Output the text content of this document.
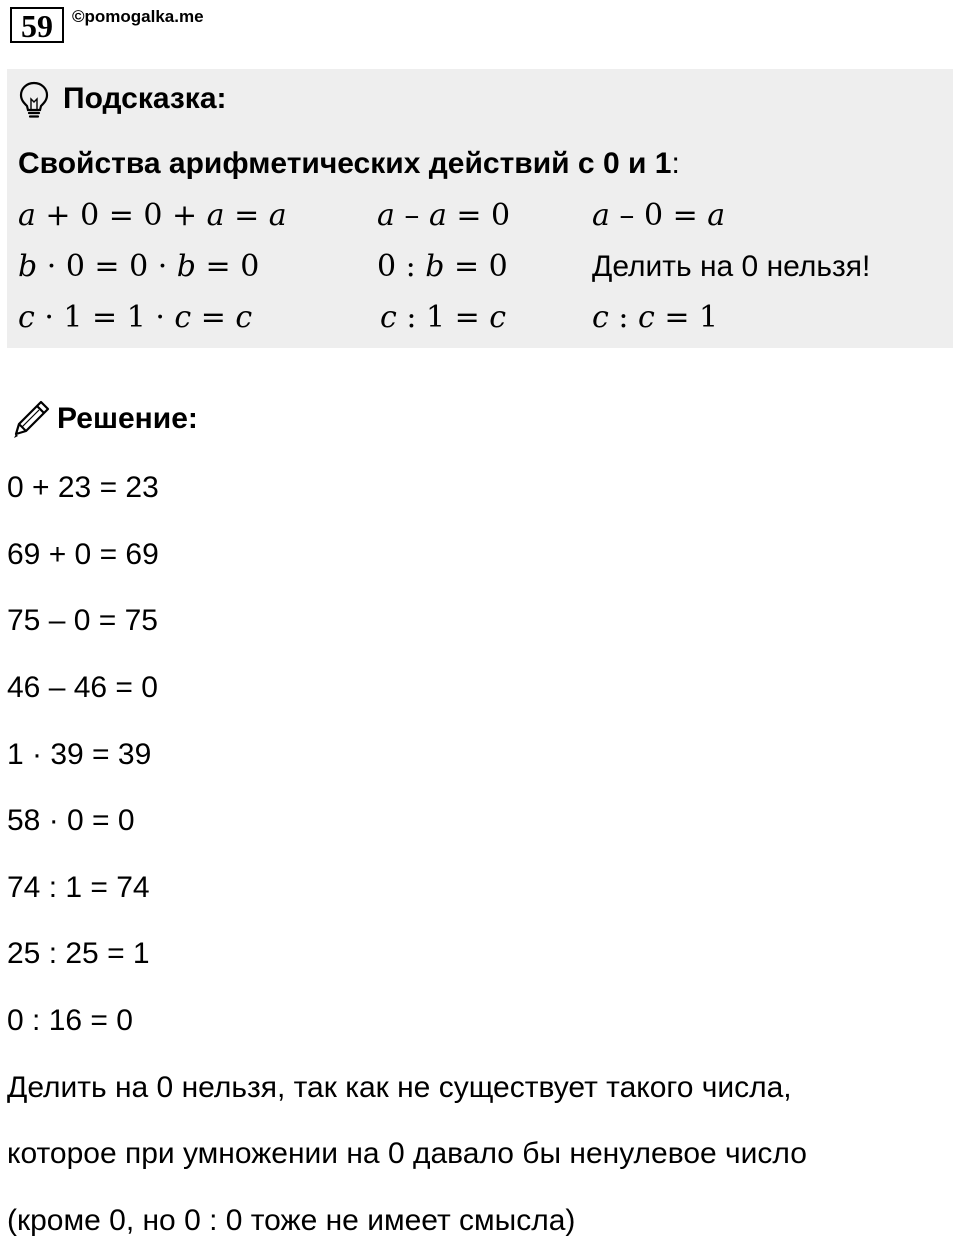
59	©pomogalka.me
Подсказка:
Свойства арифметических действий с 0 и 1:
𝑎 + 0 = 0 + 𝑎 = 𝑎	𝑎 – 𝑎 = 0	𝑎 – 0 = 𝑎
𝑏 · 0 = 0 · 𝑏 = 0	0 : 𝑏 = 0	Делить на 0 нельзя!
𝑐 · 1 = 1 · 𝑐 = 𝑐	𝑐 : 1 = 𝑐	𝑐 : 𝑐 = 1
Решение:
0 + 23 = 23
69 + 0 = 69
75 – 0 = 75
46 – 46 = 0
1 · 39 = 39
58 · 0 = 0
74 : 1 = 74
25 : 25 = 1
0 : 16 = 0
Делить на 0 нельзя, так как не существует такого числа,
которое при умножении на 0 давало бы ненулевое число
(кроме 0, но 0 : 0 тоже не имеет смысла)
